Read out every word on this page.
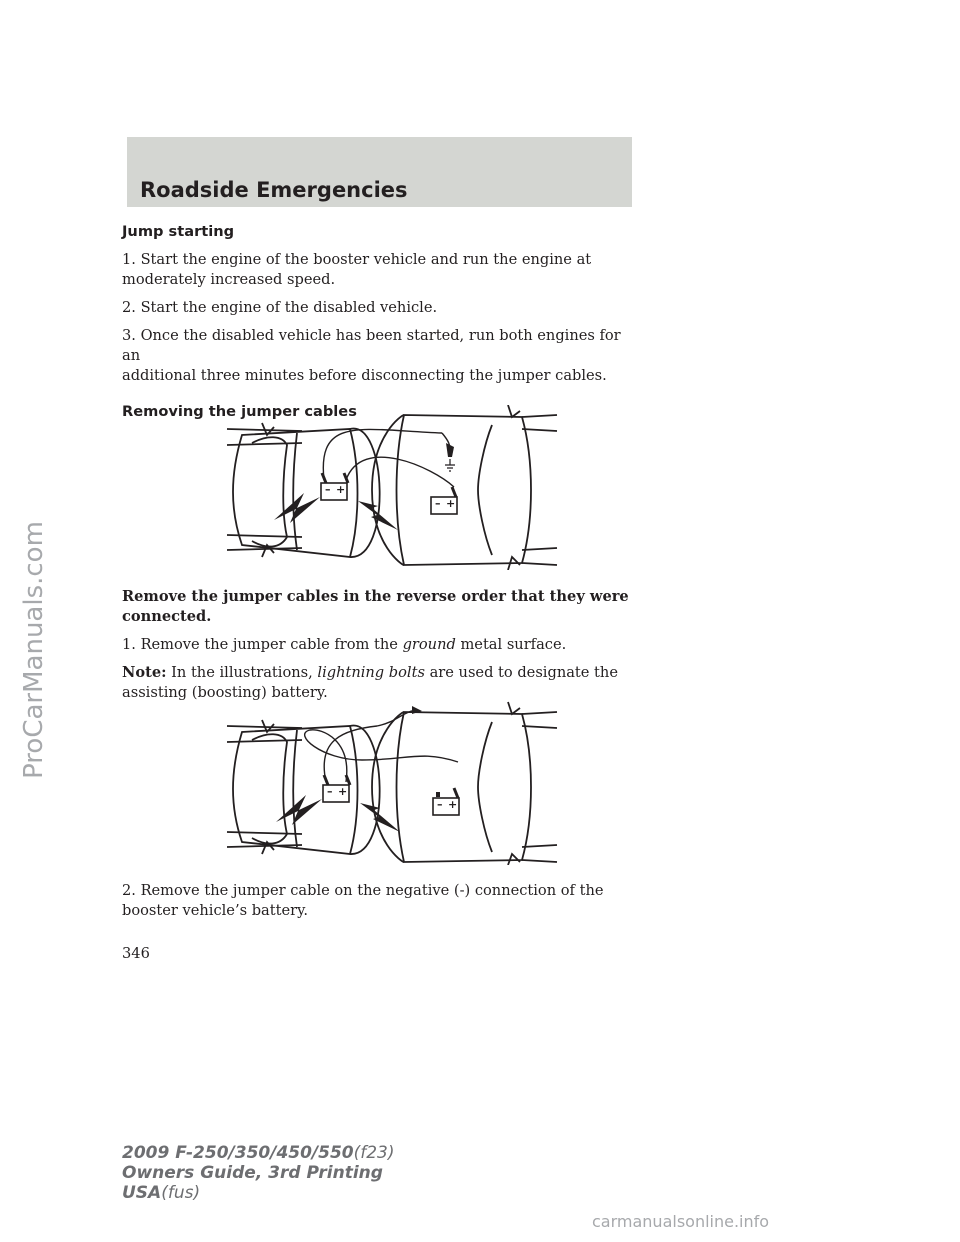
Roadside Emergencies
ProCarManuals.com

Jump starting

1. Start the engine of the booster vehicle and run the engine at

moderately increased speed.

2. Start the engine of the disabled vehicle.

3. Once the disabled vehicle has been started, run both engines for an

additional three minutes before disconnecting the jumper cables.

Removing the jumper cables

– +
– +

Remove the jumper cables in the reverse order that they were

connected.

1. Remove the jumper cable from the ground metal surface.

Note: In the illustrations, lightning bolts are used to designate the

assisting (boosting) battery.

– +
– +

2. Remove the jumper cable on the negative (-) connection of the

booster vehicle’s battery.

346
2009 F-250/350/450/550(f23)
Owners Guide, 3rd Printing
USA(fus)
carmanualsonline.info
